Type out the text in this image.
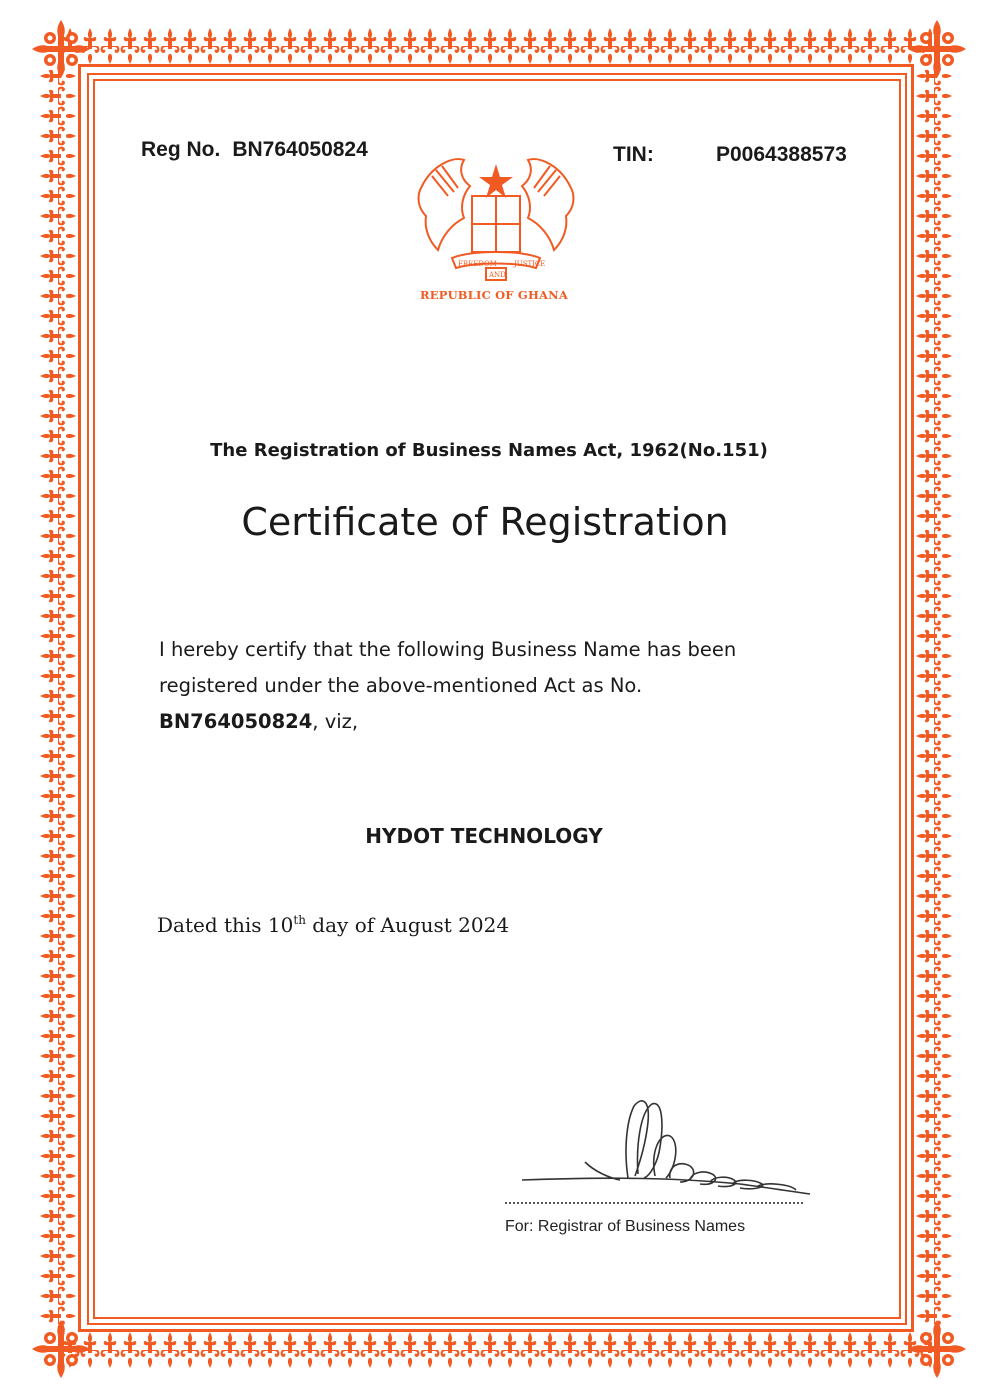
Reg No. BN764050824	TIN:	P0064388573
FREEDOM JUSTICE
AND
REPUBLIC OF GHANA
The Registration of Business Names Act, 1962(No.151)
Certificate of Registration
I hereby certify that the following Business Name has been
registered under the above-mentioned Act as No.
BN764050824, viz,
HYDOT TECHNOLOGY
Dated this 10th day of August 2024
For: Registrar of Business Names
